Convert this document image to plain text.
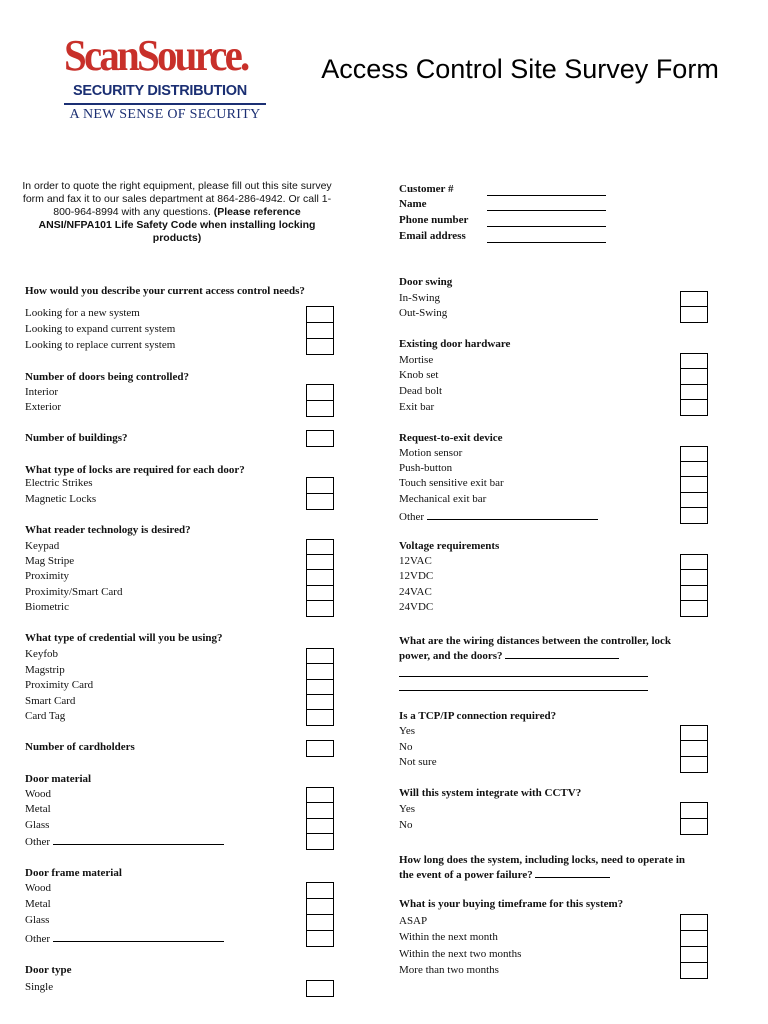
ScanSource.
SECURITY DISTRIBUTION
A NEW SENSE OF SECURITY
Access Control Site Survey Form
In order to quote the right equipment, please fill out this site survey form and fax it to our sales department at 864-286-4942. Or call 1-800-964-8994 with any questions. (Please reference ANSI/NFPA101 Life Safety Code when installing locking products)
Customer #
Name
Phone number
Email address
How would you describe your current access control needs?
Looking for a new system
Looking to expand current system
Looking to replace current system
Number of doors being controlled?
Interior
Exterior
Number of buildings?
What type of locks are required for each door?
Electric Strikes
Magnetic Locks
What reader technology is desired?
Keypad
Mag Stripe
Proximity
Proximity/Smart Card
Biometric
What type of credential will you be using?
Keyfob
Magstrip
Proximity Card
Smart Card
Card Tag
Number of cardholders
Door material
Wood
Metal
Glass
Other
Door frame material
Wood
Metal
Glass
Other
Door type
Single
Door swing
In-Swing
Out-Swing
Existing door hardware
Mortise
Knob set
Dead bolt
Exit bar
Request-to-exit device
Motion sensor
Push-button
Touch sensitive exit bar
Mechanical exit bar
Other
Voltage requirements
12VAC
12VDC
24VAC
24VDC
What are the wiring distances between the controller, lock power, and the doors?
Is a TCP/IP connection required?
Yes
No
Not sure
Will this system integrate with CCTV?
Yes
No
How long does the system, including locks, need to operate in the event of a power failure?
What is your buying timeframe for this system?
ASAP
Within the next month
Within the next two months
More than two months
